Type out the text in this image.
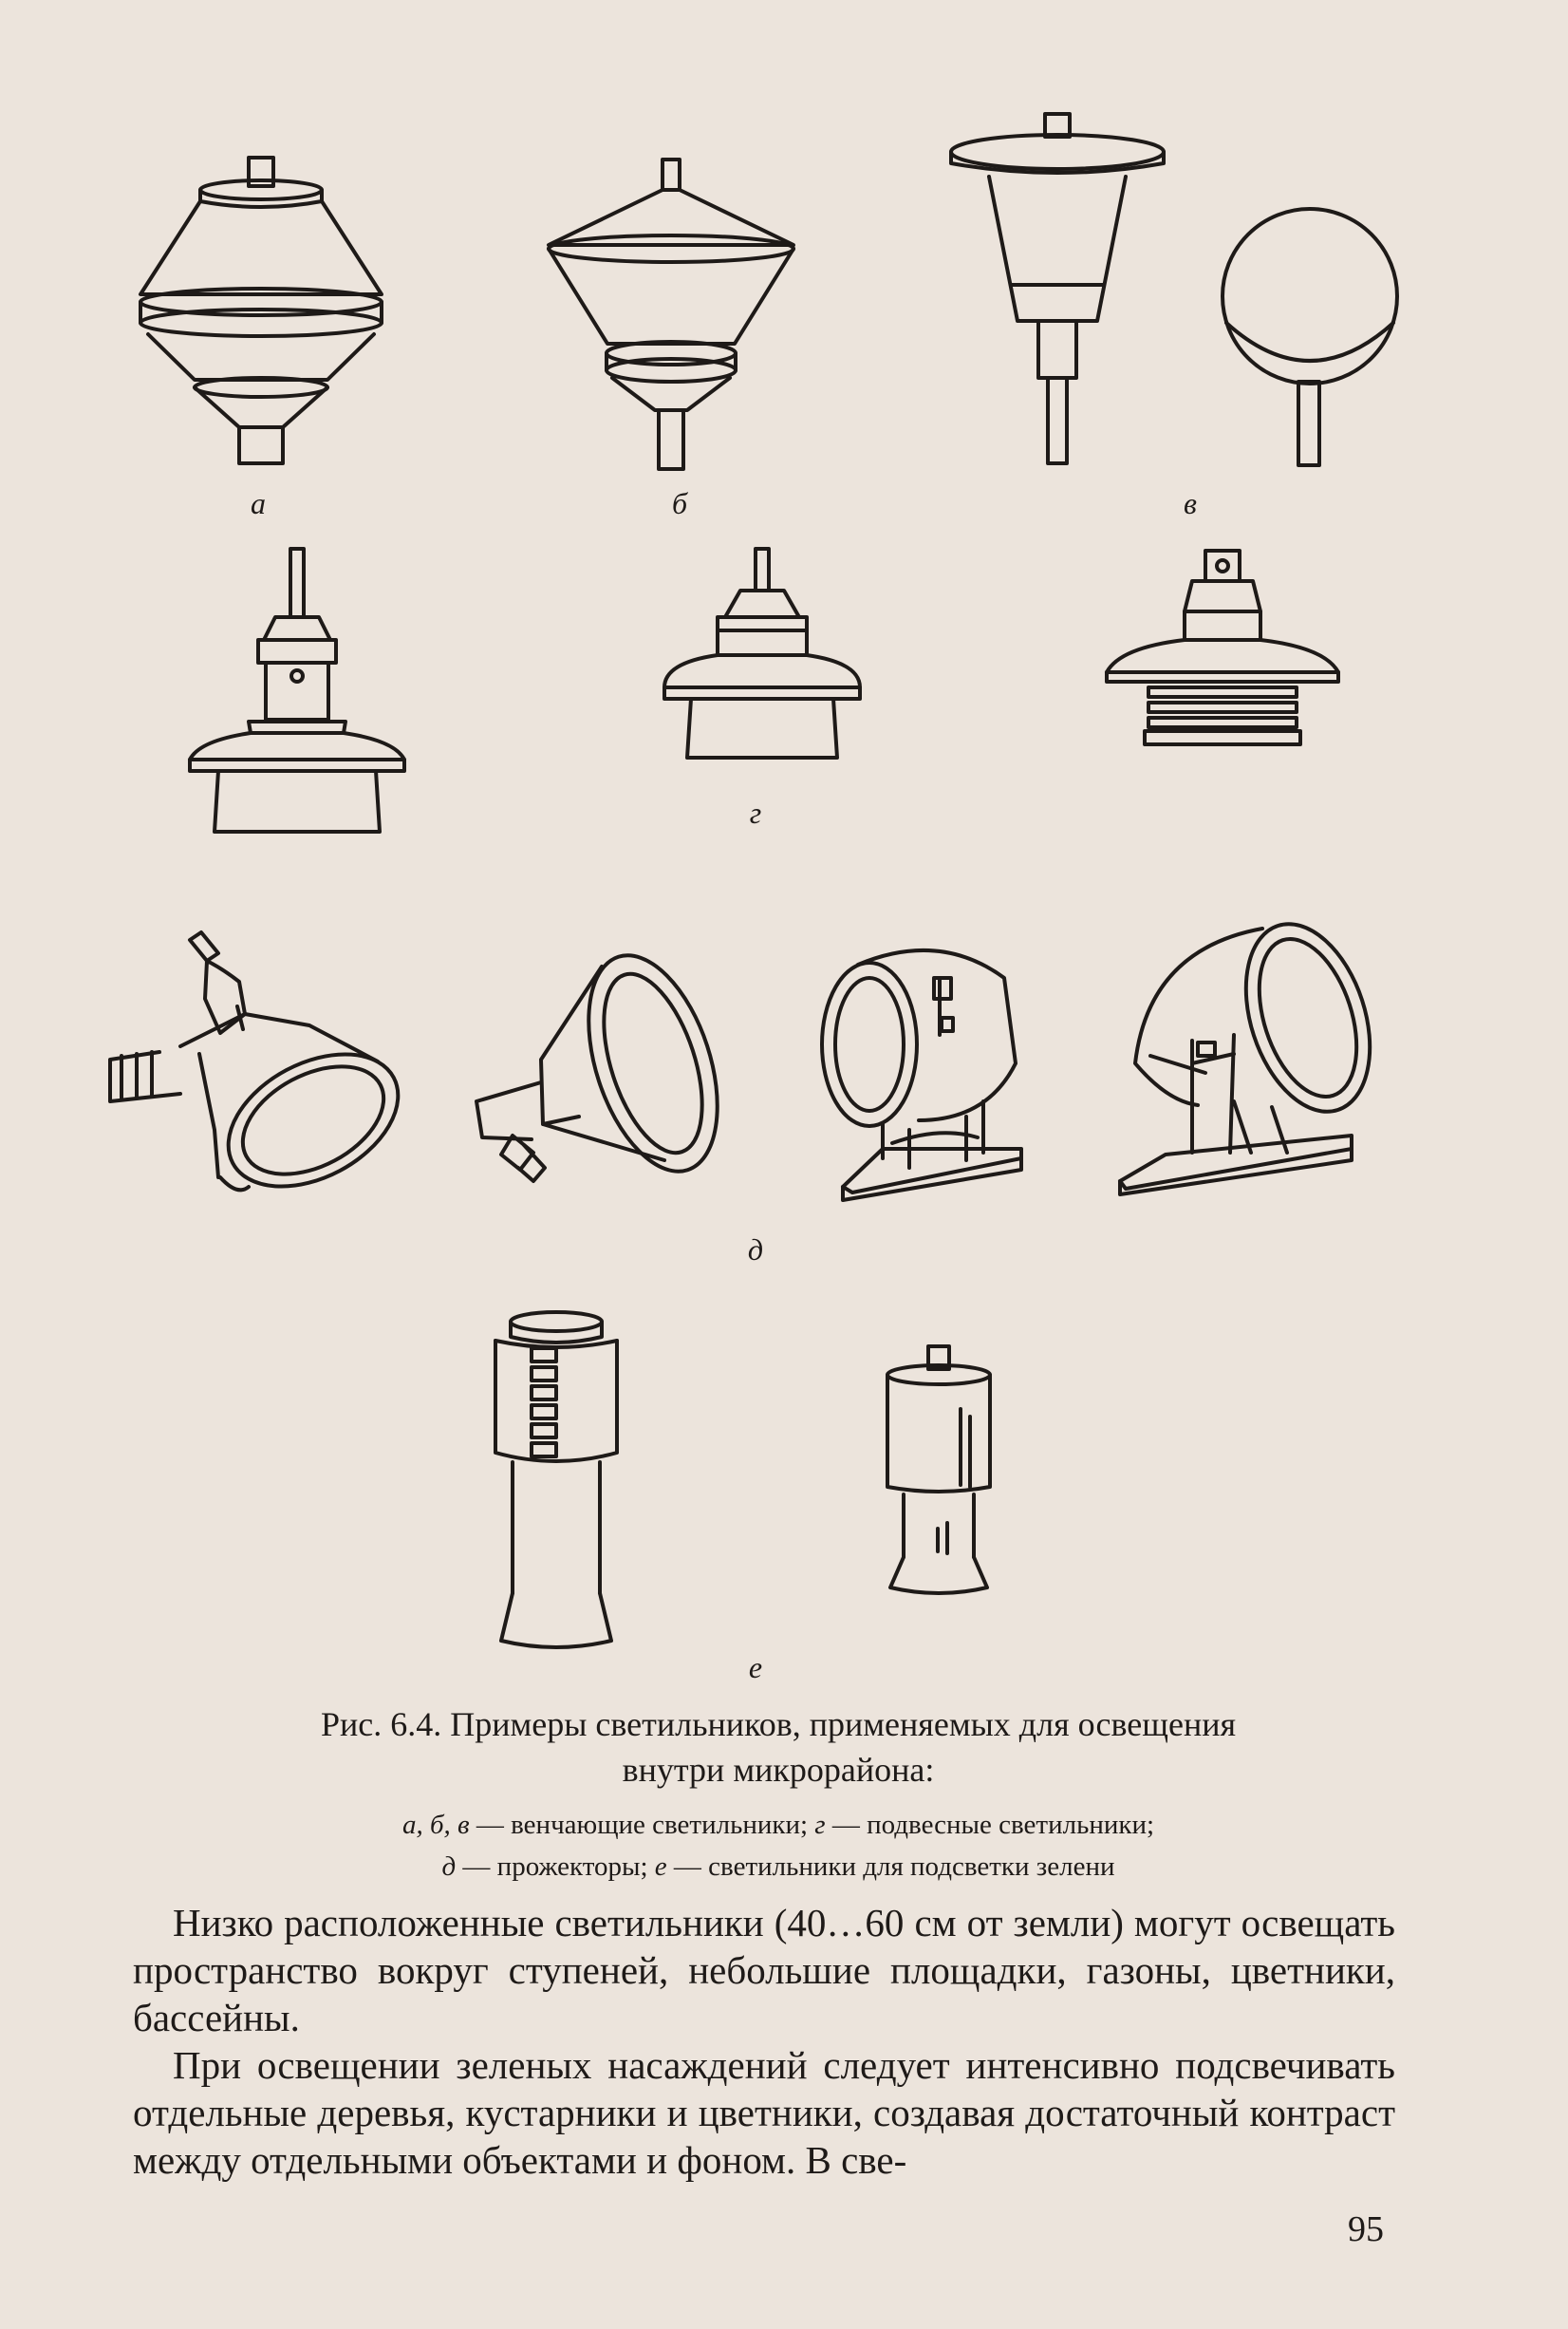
а	б	в
г
д
е
Рис. 6.4. Примеры светильников, применяемых для освещения
внутри микрорайона:
а, б, в — венчающие светильники; г — подвесные светильники;
д — прожекторы; е — светильники для подсветки зелени

Низко расположенные светильники (40…60 см от земли) могут освещать пространство вокруг ступеней, небольшие площадки, газоны, цветники, бассейны.

При освещении зеленых насаждений следует интенсивно подсвечивать отдельные деревья, кустарники и цветники, создавая достаточный контраст между отдельными объектами и фоном. В све-

95
